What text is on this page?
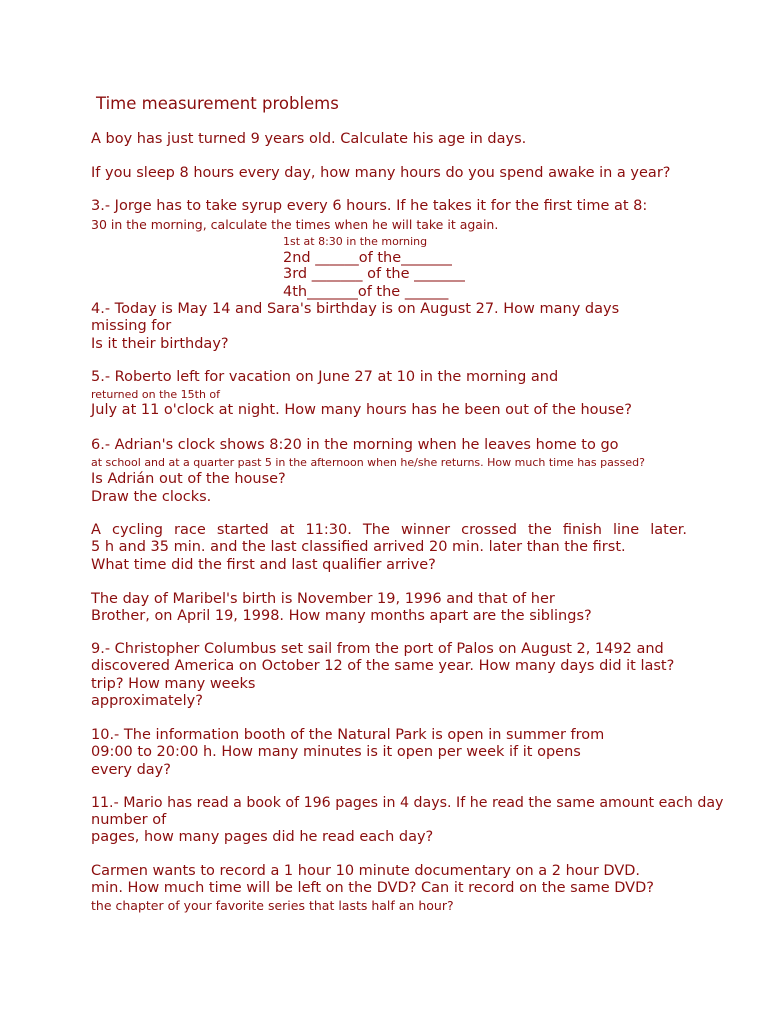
Time measurement problems
A boy has just turned 9 years old. Calculate his age in days.
If you sleep 8 hours every day, how many hours do you spend awake in a year?
3.- Jorge has to take syrup every 6 hours. If he takes it for the first time at 8:
30 in the morning, calculate the times when he will take it again.
1st at 8:30 in the morning
2nd ______of the_______
3rd _______ of the _______
4th_______of the ______
4.- Today is May 14 and Sara's birthday is on August 27. How many days
missing for
Is it their birthday?
5.- Roberto left for vacation on June 27 at 10 in the morning and
returned on the 15th of
July at 11 o'clock at night. How many hours has he been out of the house?
6.- Adrian's clock shows 8:20 in the morning when he leaves home to go
at school and at a quarter past 5 in the afternoon when he/she returns. How much time has passed?
Is Adrián out of the house?
Draw the clocks.
A cycling race started at 11:30. The winner crossed the finish line later.
5 h and 35 min. and the last classified arrived 20 min. later than the first.
What time did the first and last qualifier arrive?
The day of Maribel's birth is November 19, 1996 and that of her
Brother, on April 19, 1998. How many months apart are the siblings?
9.- Christopher Columbus set sail from the port of Palos on August 2, 1492 and
discovered America on October 12 of the same year. How many days did it last?
trip? How many weeks
approximately?
10.- The information booth of the Natural Park is open in summer from
09:00 to 20:00 h. How many minutes is it open per week if it opens
every day?
11.- Mario has read a book of 196 pages in 4 days. If he read the same amount each day
number of
pages, how many pages did he read each day?
Carmen wants to record a 1 hour 10 minute documentary on a 2 hour DVD.
min. How much time will be left on the DVD? Can it record on the same DVD?
the chapter of your favorite series that lasts half an hour?
